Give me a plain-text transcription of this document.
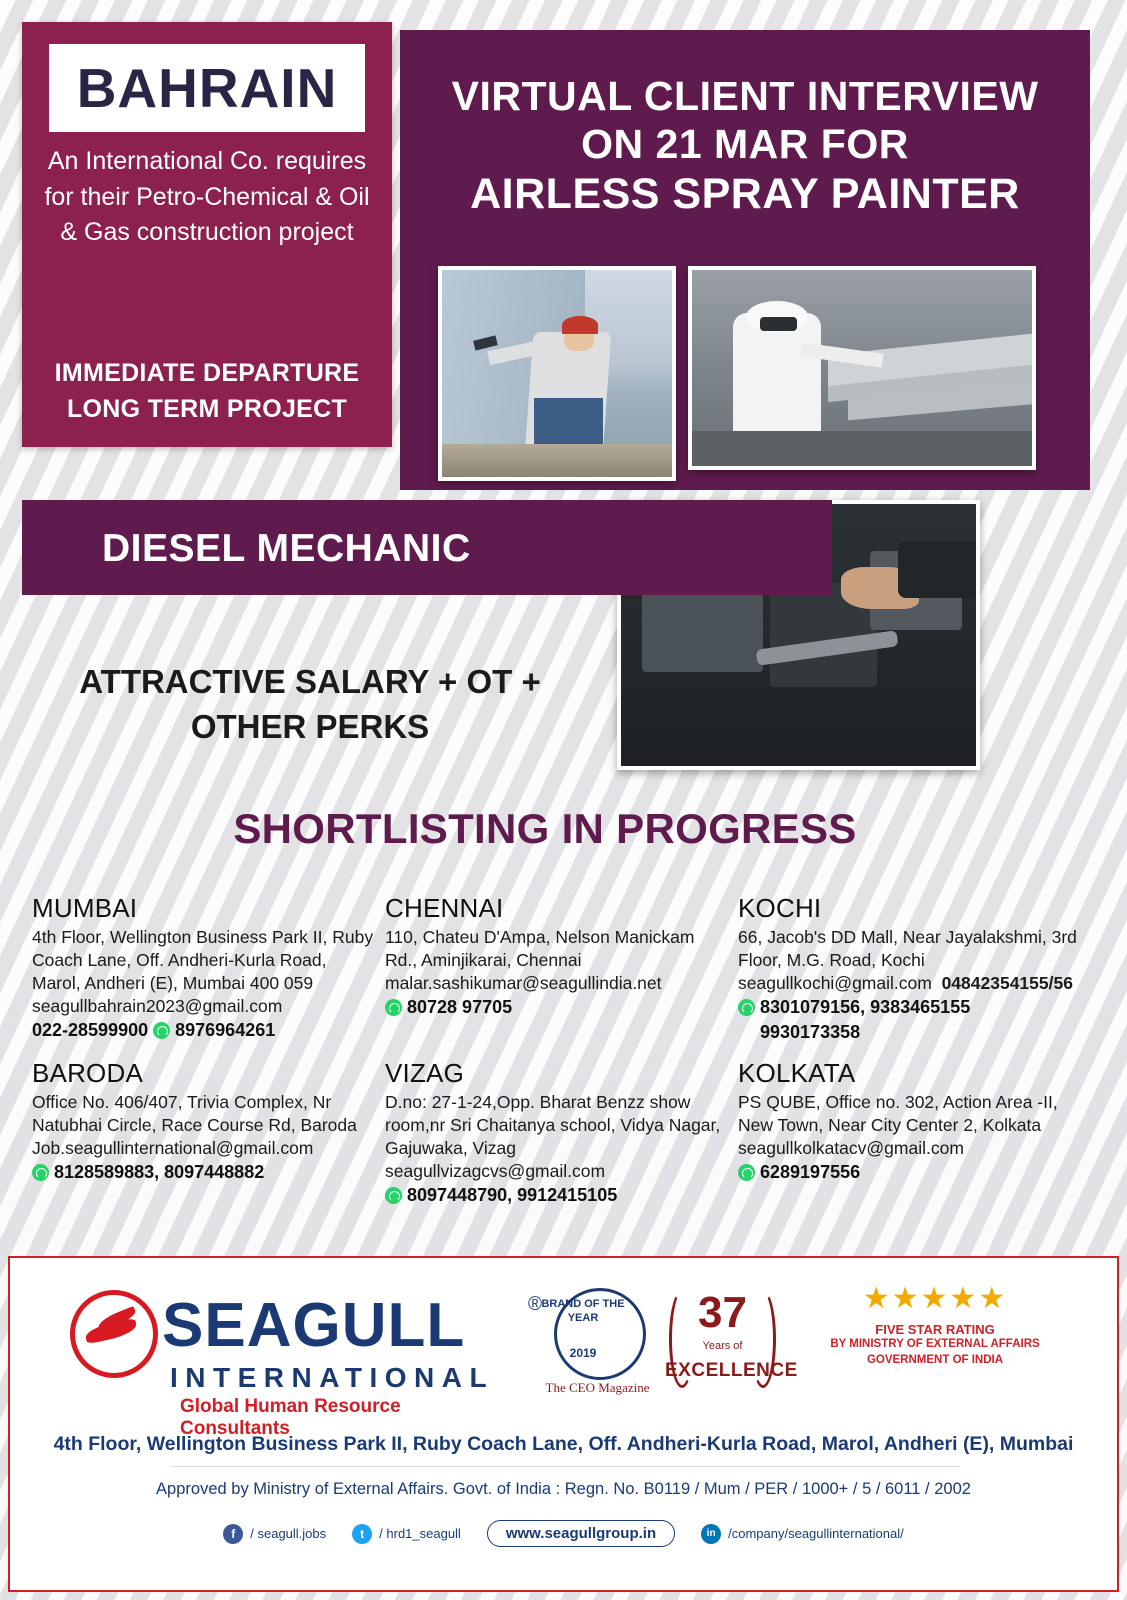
BAHRAIN
An International Co. requires for their Petro-Chemical & Oil & Gas construction project
IMMEDIATE DEPARTURE
LONG TERM PROJECT
VIRTUAL CLIENT INTERVIEW
ON 21 MAR FOR
AIRLESS SPRAY PAINTER
DIESEL MECHANIC
ATTRACTIVE SALARY + OT + OTHER PERKS
SHORTLISTING IN PROGRESS
MUMBAI
4th Floor, Wellington Business Park II, Ruby Coach Lane, Off. Andheri-Kurla Road, Marol, Andheri (E), Mumbai 400 059
seagullbahrain2023@gmail.com
022-28599900 8976964261
CHENNAI
110, Chateu D'Ampa, Nelson Manickam Rd., Aminjikarai, Chennai
malar.sashikumar@seagullindia.net
80728 97705
KOCHI
66, Jacob's DD Mall, Near Jayalakshmi, 3rd Floor, M.G. Road, Kochi
seagullkochi@gmail.com 04842354155/56
8301079156, 9383465155
9930173358
BARODA
Office No. 406/407, Trivia Complex, Nr Natubhai Circle, Race Course Rd, Baroda
Job.seagullinternational@gmail.com
8128589883, 8097448882
VIZAG
D.no: 27-1-24,Opp. Bharat Benzz show room,nr Sri Chaitanya school, Vidya Nagar, Gajuwaka, Vizag
seagullvizagcvs@gmail.com
8097448790, 9912415105
KOLKATA
PS QUBE, Office no. 302, Action Area -II, New Town, Near City Center 2, Kolkata
seagullkolkatacv@gmail.com
6289197556
SEAGULL	®
INTERNATIONAL
Global Human Resource Consultants
BRAND OF THE YEAR
2019
The CEO Magazine
37
Years of
EXCELLENCE
★★★★★
FIVE STAR RATING
BY MINISTRY OF EXTERNAL AFFAIRS
GOVERNMENT OF INDIA
4th Floor, Wellington Business Park II, Ruby Coach Lane, Off. Andheri-Kurla Road, Marol, Andheri (E), Mumbai
Approved by Ministry of External Affairs. Govt. of India : Regn. No. B0119 / Mum / PER / 1000+ / 5 / 6011 / 2002
f	/ seagull.jobs	t	/ hrd1_seagull	www.seagullgroup.in	in /company/seagullinternational/
